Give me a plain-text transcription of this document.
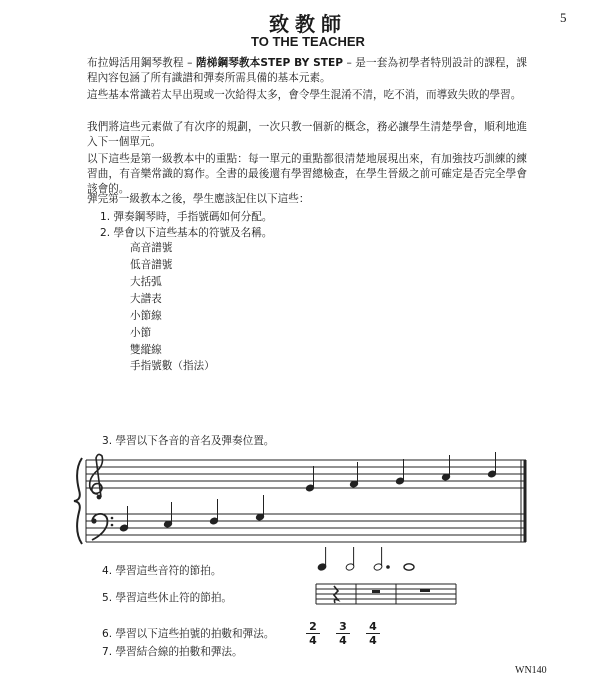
5
致教師
TO THE TEACHER
布拉姆活用鋼琴教程 – 階梯鋼琴教本STEP BY STEP – 是一套為初學者特別設計的課程，課程內容包涵了所有識譜和彈奏所需具備的基本元素。
這些基本常識若太早出現或一次給得太多，會令學生混淆不清，吃不消，而導致失敗的學習。
我們將這些元素做了有次序的規劃，一次只教一個新的概念，務必讓學生清楚學會，順利地進入下一個單元。
以下這些是第一級教本中的重點：每一單元的重點都很清楚地展現出來，有加強技巧訓練的練習曲，有音樂常識的寫作。全書的最後還有學習總檢查，在學生晉級之前可確定是否完全學會該會的。
彈完第一級教本之後，學生應該記住以下這些：
1. 彈奏鋼琴時，手指號碼如何分配。
2. 學會以下這些基本的符號及名稱。
高音譜號
低音譜號
大括弧
大譜表
小節線
小節
雙縱線
手指號數（指法）
3. 學習以下各音的音名及彈奏位置。
4. 學習這些音符的節拍。
5. 學習這些休止符的節拍。
6. 學習以下這些拍號的拍數和彈法。
2
4
3
4
4
4
7. 學習結合線的拍數和彈法。
WN140
